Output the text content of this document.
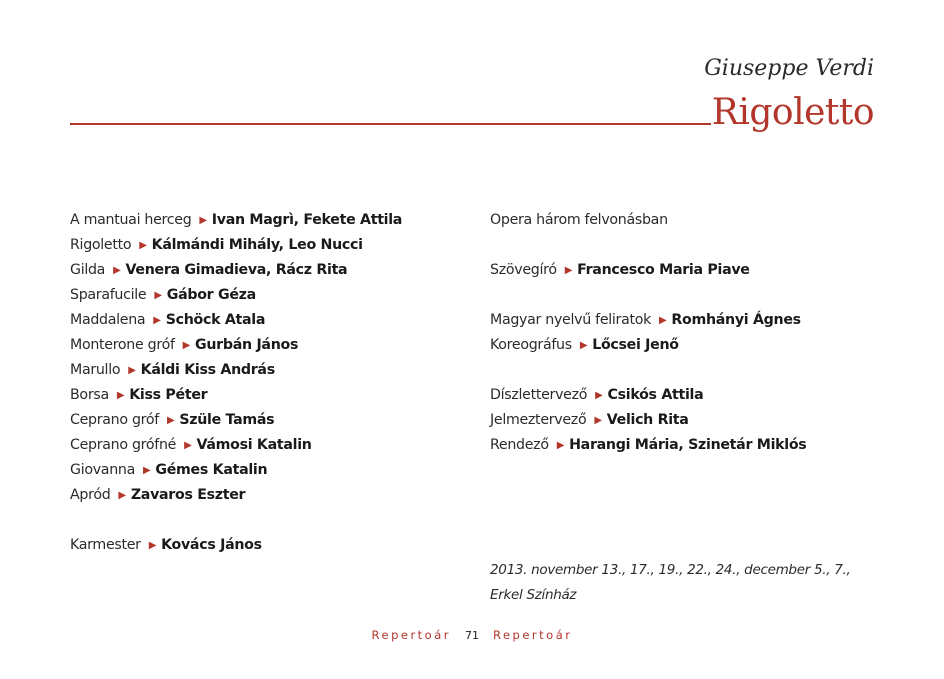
Giuseppe Verdi
Rigoletto
A mantuai herceg ▶ Ivan Magrì, Fekete Attila
Rigoletto ▶ Kálmándi Mihály, Leo Nucci
Gilda ▶ Venera Gimadieva, Rácz Rita
Sparafucile ▶ Gábor Géza
Maddalena ▶ Schöck Atala
Monterone gróf ▶ Gurbán János
Marullo ▶ Káldi Kiss András
Borsa ▶ Kiss Péter
Ceprano gróf ▶ Szüle Tamás
Ceprano grófné ▶ Vámosi Katalin
Giovanna ▶ Gémes Katalin
Apród ▶ Zavaros Eszter
Karmester ▶ Kovács János
Opera három felvonásban
Szövegíró ▶ Francesco Maria Piave
Magyar nyelvű feliratok ▶ Romhányi Ágnes
Koreográfus ▶ Lőcsei Jenő
Díszlettervező ▶ Csikós Attila
Jelmeztervező ▶ Velich Rita
Rendező ▶ Harangi Mária, Szinetár Miklós
2013. november 13., 17., 19., 22., 24., december 5., 7.,
Erkel Színház
Repertoár 71 Repertoár
